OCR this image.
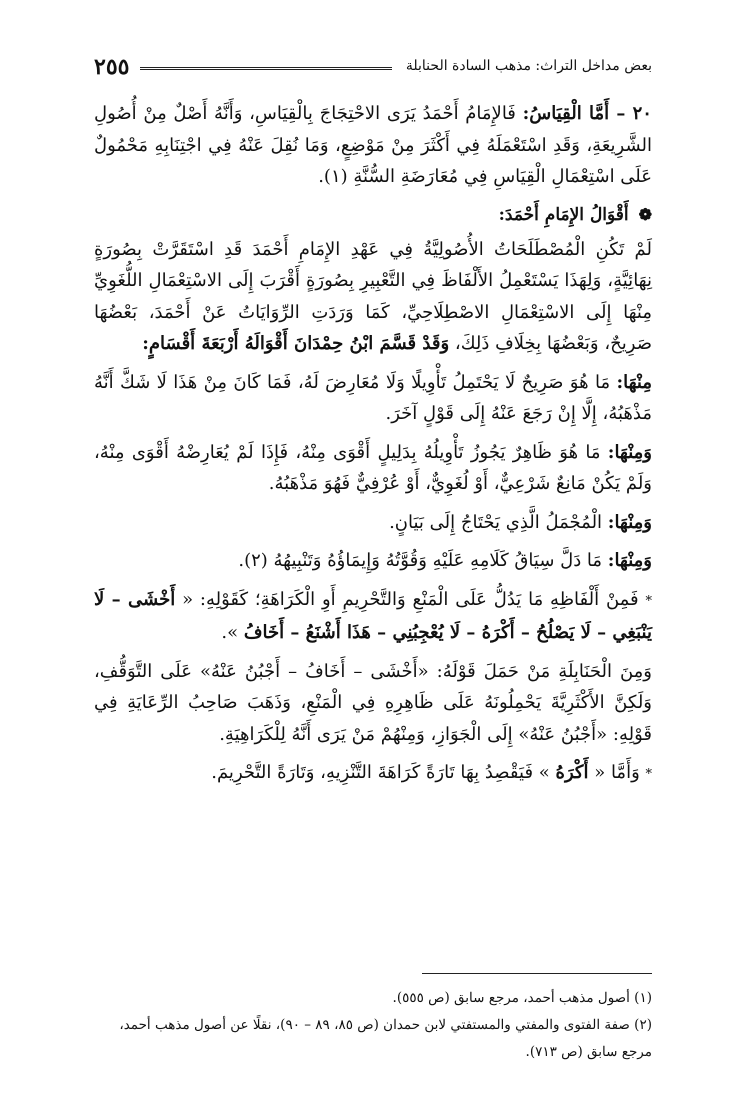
٢٥٥	بعض مداخل التراث: مذهب السادة الحنابلة

٢٠ – أَمَّا الْقِيَاسُ: فَالإِمَامُ أَحْمَدُ يَرَى الاحْتِجَاجَ بِالْقِيَاسِ، وَأَنَّهُ أَصْلٌ مِنْ أُصُولِ الشَّرِيعَةِ، وَقَدِ اسْتَعْمَلَهُ فِي أَكْثَرَ مِنْ مَوْضِعٍ، وَمَا نُقِلَ عَنْهُ فِي اجْتِنَابِهِ مَحْمُولٌ عَلَى اسْتِعْمَالِ الْقِيَاسِ فِي مُعَارَضَةِ السُّنَّةِ (١).

❁ أَقْوَالُ الإِمَامِ أَحْمَدَ:

لَمْ تَكُنِ الْمُصْطَلَحَاتُ الأُصُولِيَّةُ فِي عَهْدِ الإِمَامِ أَحْمَدَ قَدِ اسْتَقَرَّتْ بِصُورَةٍ نِهَائِيَّةٍ، وَلِهَذَا يَسْتَعْمِلُ الأَلْفَاظَ فِي التَّعْبِيرِ بِصُورَةٍ أَقْرَبَ إِلَى الاسْتِعْمَالِ اللُّغَوِيِّ مِنْهَا إِلَى الاسْتِعْمَالِ الاصْطِلَاحِيِّ، كَمَا وَرَدَتِ الرِّوَايَاتُ عَنْ أَحْمَدَ، بَعْضُهَا صَرِيحٌ، وَبَعْضُهَا بِخِلَافِ ذَلِكَ، وَقَدْ قَسَّمَ ابْنُ حِمْدَانَ أَقْوَالَهُ أَرْبَعَةَ أَقْسَامٍ:

مِنْهَا: مَا هُوَ صَرِيحٌ لَا يَحْتَمِلُ تَأْوِيلًا وَلَا مُعَارِضَ لَهُ، فَمَا كَانَ مِنْ هَذَا لَا شَكَّ أَنَّهُ مَذْهَبُهُ، إِلَّا إِنْ رَجَعَ عَنْهُ إِلَى قَوْلٍ آخَرَ.

وَمِنْهَا: مَا هُوَ ظَاهِرٌ يَجُوزُ تَأْوِيلُهُ بِدَلِيلٍ أَقْوَى مِنْهُ، فَإِذَا لَمْ يُعَارِضْهُ أَقْوَى مِنْهُ، وَلَمْ يَكُنْ مَانِعٌ شَرْعِيٌّ، أَوْ لُغَوِيٌّ، أَوْ عُرْفِيٌّ فَهُوَ مَذْهَبُهُ.

وَمِنْهَا: الْمُجْمَلُ الَّذِي يَحْتَاجُ إِلَى بَيَانٍ.

وَمِنْهَا: مَا دَلَّ سِيَاقُ كَلَامِهِ عَلَيْهِ وَقُوَّتُهُ وَإِيمَاؤُهُ وَتَنْبِيهُهُ (٢).

* فَمِنْ أَلْفَاظِهِ مَا يَدُلُّ عَلَى الْمَنْعِ وَالتَّحْرِيمِ أَوِ الْكَرَاهَةِ؛ كَقَوْلِهِ: « أَخْشَى – لَا يَنْبَغِي – لَا يَصْلُحُ – أَكْرَهُ – لَا يُعْجِبُنِي – هَذَا أَشْنَعُ – أَخَافُ ».

وَمِنَ الْحَنَابِلَةِ مَنْ حَمَلَ قَوْلَهُ: «أَخْشَى – أَخَافُ – أَجْبُنُ عَنْهُ» عَلَى التَّوَقُّفِ، وَلَكِنَّ الأَكْثَرِيَّةَ يَحْمِلُونَهُ عَلَى ظَاهِرِهِ فِي الْمَنْعِ، وَذَهَبَ صَاحِبُ الرِّعَايَةِ فِي قَوْلِهِ: «أَجْبُنُ عَنْهُ» إِلَى الْجَوَازِ، وَمِنْهُمْ مَنْ يَرَى أَنَّهُ لِلْكَرَاهِيَةِ.

* وَأَمَّا « أَكْرَهُ » فَيَقْصِدُ بِهَا تَارَةً كَرَاهَةَ التَّنْزِيهِ، وَتَارَةً التَّحْرِيمَ.

(١) أصول مذهب أحمد، مرجع سابق (ص ٥٥٥).

(٢) صفة الفتوى والمفتي والمستفتي لابن حمدان (ص ٨٥، ٨٩ – ٩٠)، نقلًا عن أصول مذهب أحمد، مرجع سابق (ص ٧١٣).
